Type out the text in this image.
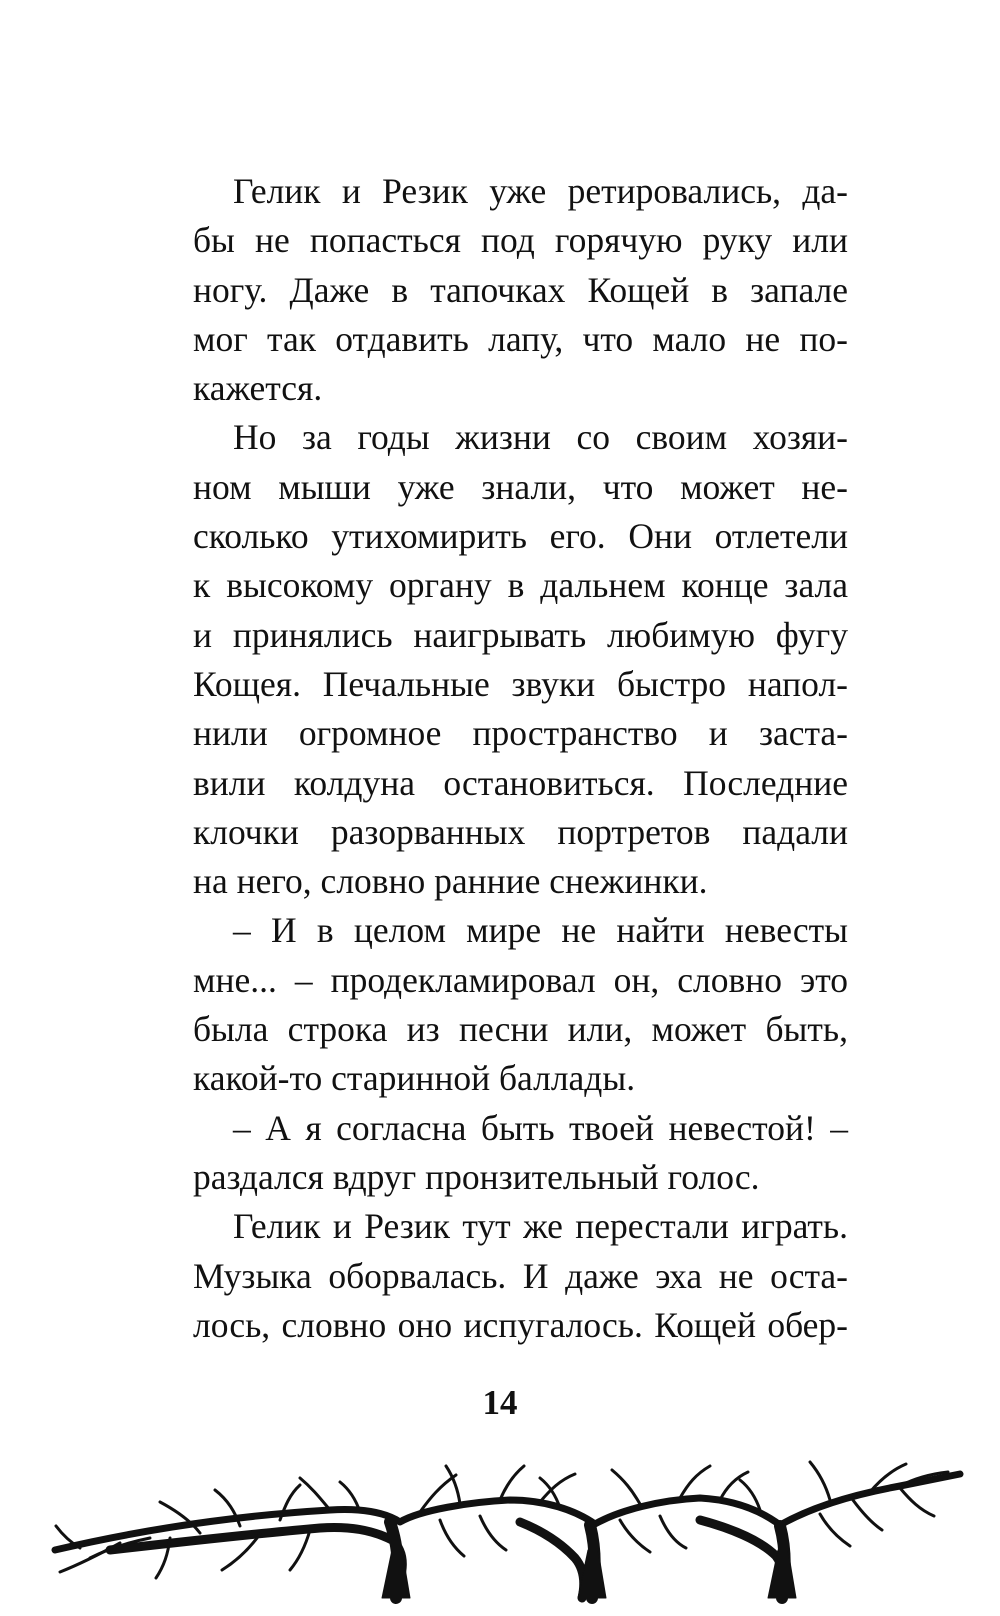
Гелик и Резик уже ретировались, да-
бы не попасться под горячую руку или
ногу. Даже в тапочках Кощей в запале
мог так отдавить лапу, что мало не по-
кажется.
Но за годы жизни со своим хозяи-
ном мыши уже знали, что может не-
сколько утихомирить его. Они отлетели
к высокому органу в дальнем конце зала
и принялись наигрывать любимую фугу
Кощея. Печальные звуки быстро напол-
нили огромное пространство и заста-
вили колдуна остановиться. Последние
клочки разорванных портретов падали
на него, словно ранние снежинки.
– И в целом мире не найти невесты
мне... – продекламировал он, словно это
была строка из песни или, может быть,
какой-то старинной баллады.
– А я согласна быть твоей невестой! –
раздался вдруг пронзительный голос.
Гелик и Резик тут же перестали играть.
Музыка оборвалась. И даже эха не оста-
лось, словно оно испугалось. Кощей обер-
14
